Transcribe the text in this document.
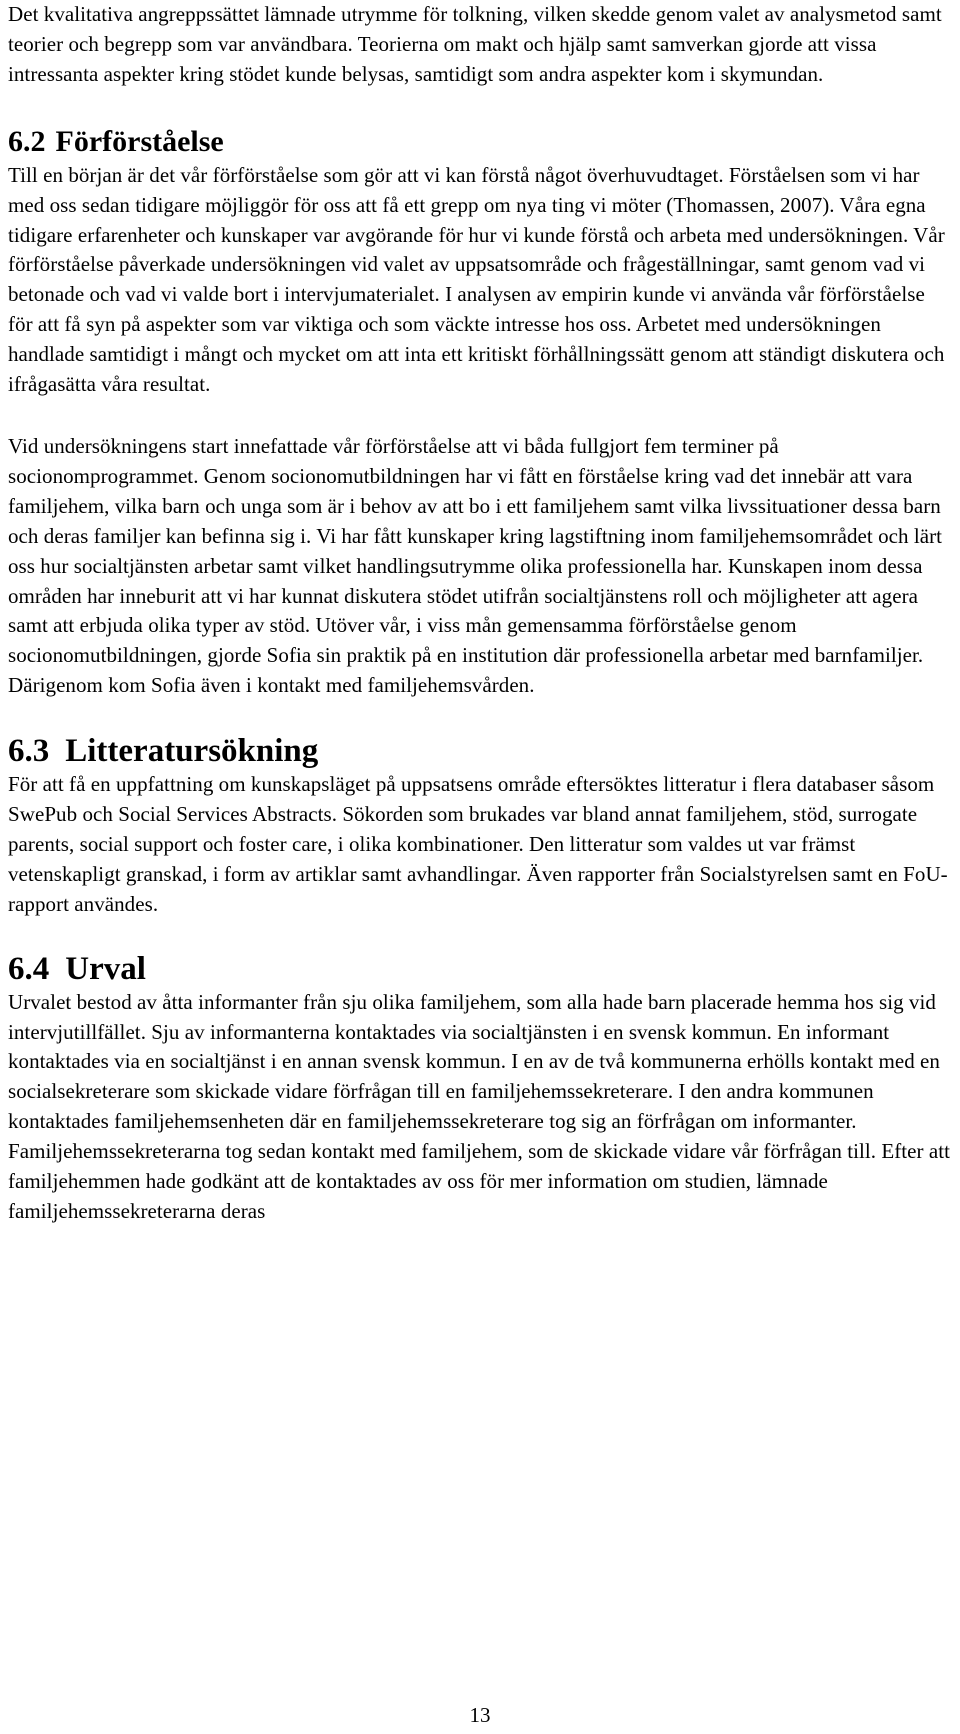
Det kvalitativa angreppssättet lämnade utrymme för tolkning, vilken skedde genom valet av analysmetod samt teorier och begrepp som var användbara. Teorierna om makt och hjälp samt samverkan gjorde att vissa intressanta aspekter kring stödet kunde belysas, samtidigt som andra aspekter kom i skymundan.

6.2 Förförståelse

Till en början är det vår förförståelse som gör att vi kan förstå något överhuvudtaget. Förståelsen som vi har med oss sedan tidigare möjliggör för oss att få ett grepp om nya ting vi möter (Thomassen, 2007). Våra egna tidigare erfarenheter och kunskaper var avgörande för hur vi kunde förstå och arbeta med undersökningen. Vår förförståelse påverkade undersökningen vid valet av uppsatsområde och frågeställningar, samt genom vad vi betonade och vad vi valde bort i intervjumaterialet. I analysen av empirin kunde vi använda vår förförståelse för att få syn på aspekter som var viktiga och som väckte intresse hos oss. Arbetet med undersökningen handlade samtidigt i mångt och mycket om att inta ett kritiskt förhållningssätt genom att ständigt diskutera och ifrågasätta våra resultat.

Vid undersökningens start innefattade vår förförståelse att vi båda fullgjort fem terminer på socionomprogrammet. Genom socionomutbildningen har vi fått en förståelse kring vad det innebär att vara familjehem, vilka barn och unga som är i behov av att bo i ett familjehem samt vilka livssituationer dessa barn och deras familjer kan befinna sig i. Vi har fått kunskaper kring lagstiftning inom familjehemsområdet och lärt oss hur socialtjänsten arbetar samt vilket handlingsutrymme olika professionella har. Kunskapen inom dessa områden har inneburit att vi har kunnat diskutera stödet utifrån socialtjänstens roll och möjligheter att agera samt att erbjuda olika typer av stöd. Utöver vår, i viss mån gemensamma förförståelse genom socionomutbildningen, gjorde Sofia sin praktik på en institution där professionella arbetar med barnfamiljer. Därigenom kom Sofia även i kontakt med familjehemsvården.

6.3 Litteratursökning

För att få en uppfattning om kunskapsläget på uppsatsens område eftersöktes litteratur i flera databaser såsom SwePub och Social Services Abstracts. Sökorden som brukades var bland annat familjehem, stöd, surrogate parents, social support och foster care, i olika kombinationer. Den litteratur som valdes ut var främst vetenskapligt granskad, i form av artiklar samt avhandlingar. Även rapporter från Socialstyrelsen samt en FoU-rapport användes.

6.4 Urval

Urvalet bestod av åtta informanter från sju olika familjehem, som alla hade barn placerade hemma hos sig vid intervjutillfället. Sju av informanterna kontaktades via socialtjänsten i en svensk kommun. En informant kontaktades via en socialtjänst i en annan svensk kommun. I en av de två kommunerna erhölls kontakt med en socialsekreterare som skickade vidare förfrågan till en familjehemssekreterare. I den andra kommunen kontaktades familjehemsenheten där en familjehemssekreterare tog sig an förfrågan om informanter. Familjehemssekreterarna tog sedan kontakt med familjehem, som de skickade vidare vår förfrågan till. Efter att familjehemmen hade godkänt att de kontaktades av oss för mer information om studien, lämnade familjehemssekreterarna deras

13
